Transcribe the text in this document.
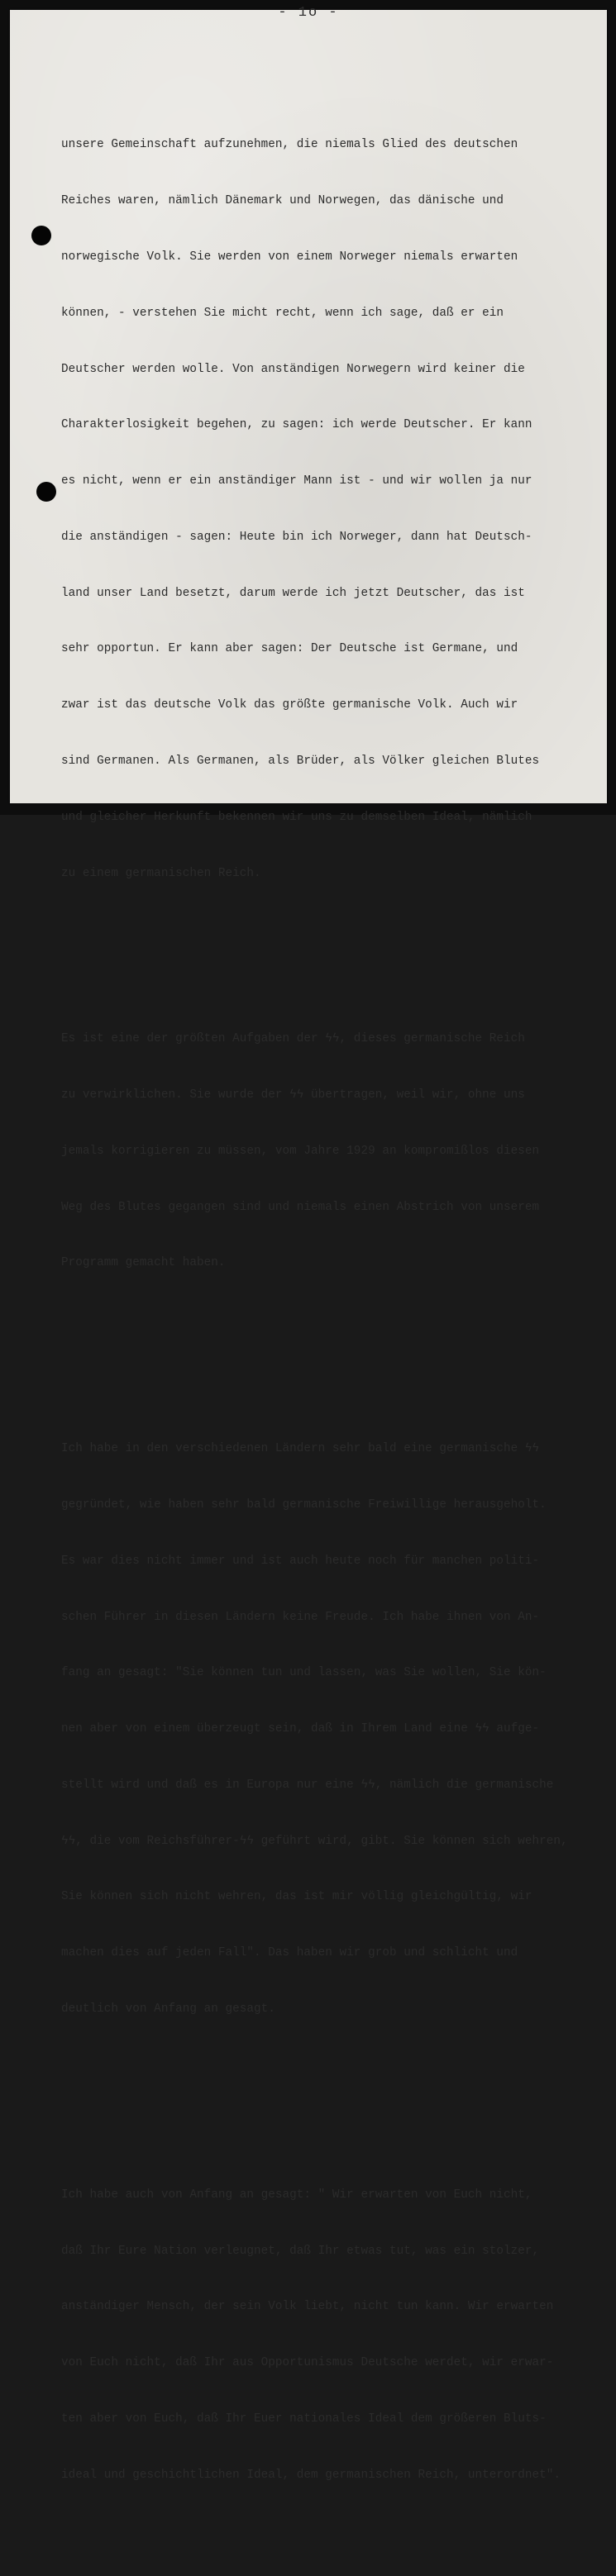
- 1o -

unsere Gemeinschaft aufzunehmen, die niemals Glied des deutschen

Reiches waren, nämlich Dänemark und Norwegen, das dänische und

norwegische Volk. Sie werden von einem Norweger niemals erwarten

können, - verstehen Sie micht recht, wenn ich sage, daß er ein

Deutscher werden wolle. Von anständigen Norwegern wird keiner die

Charakterlosigkeit begehen, zu sagen: ich werde Deutscher. Er kann

es nicht, wenn er ein anständiger Mann ist - und wir wollen ja nur

die anständigen - sagen: Heute bin ich Norweger, dann hat Deutsch-

land unser Land besetzt, darum werde ich jetzt Deutscher, das ist

sehr opportun. Er kann aber sagen: Der Deutsche ist Germane, und

zwar ist das deutsche Volk das größte germanische Volk. Auch wir

sind Germanen. Als Germanen, als Brüder, als Völker gleichen Blutes

und gleicher Herkunft bekennen wir uns zu demselben Ideal, nämlich

zu einem germanischen Reich.

Es ist eine der größten Aufgaben der ϟϟ, dieses germanische Reich

zu verwirklichen. Sie wurde der ϟϟ übertragen, weil wir, ohne uns

jemals korrigieren zu müssen, vom Jahre 1929 an kompromißlos diesen

Weg des Blutes gegangen sind und niemals einen Abstrich von unserem

Programm gemacht haben.

Ich habe in den verschiedenen Ländern sehr bald eine germanische ϟϟ

gegründet, wie haben sehr bald germanische Freiwillige herausgeholt.

Es war dies nicht immer und ist auch heute noch für manchen politi-

schen Führer in diesen Ländern keine Freude. Ich habe ihnen von An-

fang an gesagt: "Sie können tun und lassen, was Sie wollen, Sie kön-

nen aber von einem überzeugt sein, daß in Ihrem Land eine ϟϟ aufge-

stellt wird und daß es in Europa nur eine ϟϟ, nämlich die germanische

ϟϟ, die vom Reichsführer-ϟϟ geführt wird, gibt. Sie können sich wehren,

Sie können sich nicht wehren, das ist mir völlig gleichgültig, wir

machen dies auf jeden Fall". Das haben wir grob und schlicht und

deutlich von Anfang an gesagt.

Ich habe auch von Anfang an gesagt: " Wir erwarten von Euch nicht,

daß Ihr Eure Nation verleugnet, daß Ihr etwas tut, was ein stolzer,

anständiger Mensch, der sein Volk liebt, nicht tun kann. Wir erwarten

von Euch nicht, daß Ihr aus Opportunismus Deutsche werdet, wir erwar-

ten aber von Euch, daß Ihr Euer nationales Ideal dem größeren Bluts-

ideal und geschichtlichen Ideal, dem germanischen Reich, unterordnet".
